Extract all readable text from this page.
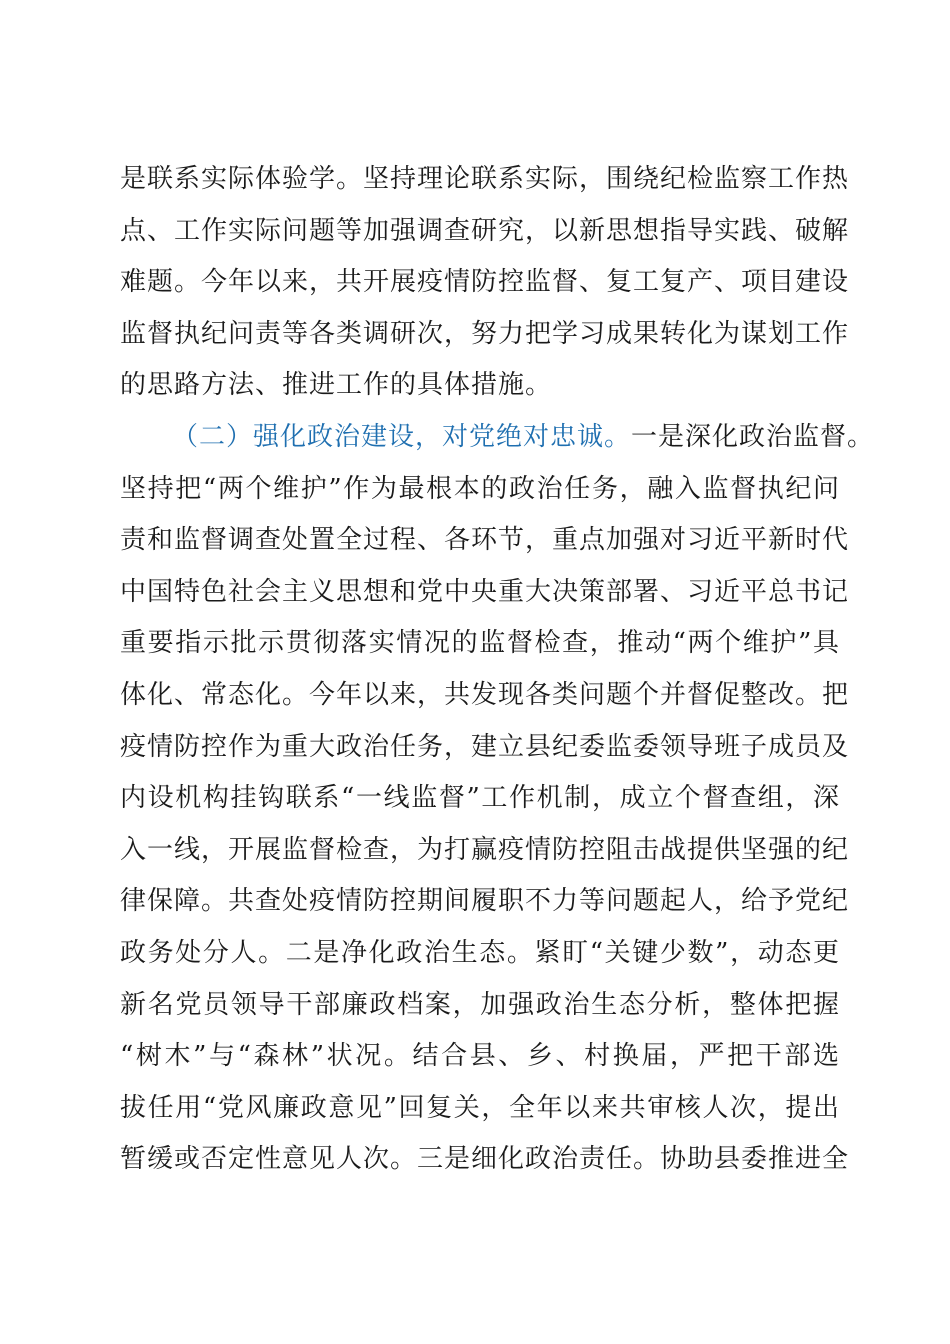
是联系实际体验学。坚持理论联系实际，围绕纪检监察工作热
点、工作实际问题等加强调查研究，以新思想指导实践、破解
难题。今年以来，共开展疫情防控监督、复工复产、项目建设
监督执纪问责等各类调研次，努力把学习成果转化为谋划工作
的思路方法、推进工作的具体措施。
（二）强化政治建设，对党绝对忠诚。一是深化政治监督。
坚持把“两个维护”作为最根本的政治任务，融入监督执纪问
责和监督调查处置全过程、各环节，重点加强对习近平新时代
中国特色社会主义思想和党中央重大决策部署、习近平总书记
重要指示批示贯彻落实情况的监督检查，推动“两个维护”具
体化、常态化。今年以来，共发现各类问题个并督促整改。把
疫情防控作为重大政治任务，建立县纪委监委领导班子成员及
内设机构挂钩联系“一线监督”工作机制，成立个督查组，深
入一线，开展监督检查，为打赢疫情防控阻击战提供坚强的纪
律保障。共查处疫情防控期间履职不力等问题起人，给予党纪
政务处分人。二是净化政治生态。紧盯“关键少数”，动态更
新名党员领导干部廉政档案，加强政治生态分析，整体把握
“树木”与“森林”状况。结合县、乡、村换届，严把干部选
拔任用“党风廉政意见”回复关，全年以来共审核人次，提出
暂缓或否定性意见人次。三是细化政治责任。协助县委推进全
